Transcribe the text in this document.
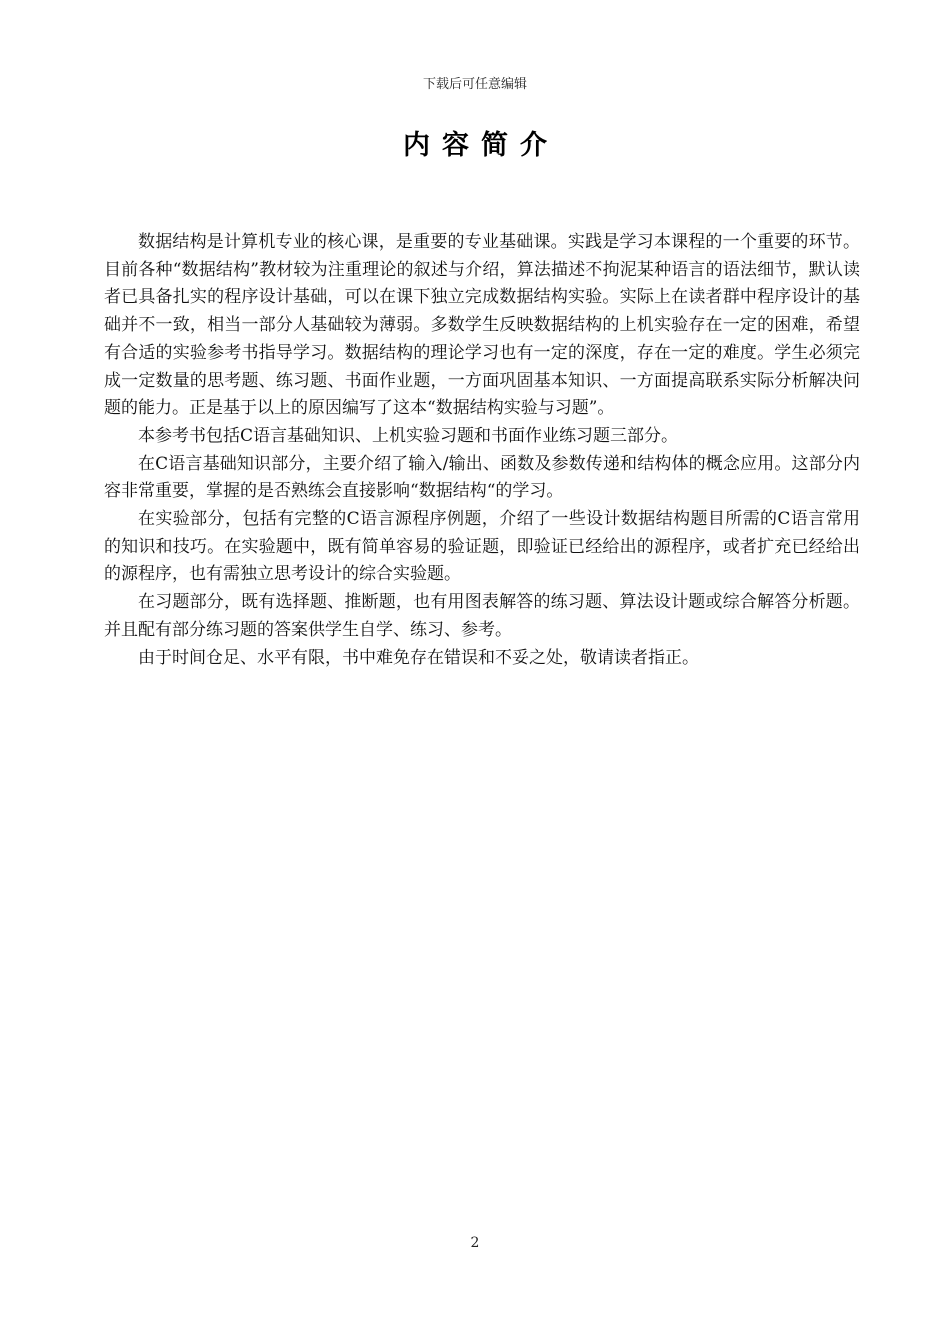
下载后可任意编辑
内容简介

数据结构是计算机专业的核心课，是重要的专业基础课。实践是学习本课程的一个重要的环节。目前各种“数据结构”教材较为注重理论的叙述与介绍，算法描述不拘泥某种语言的语法细节，默认读者已具备扎实的程序设计基础，可以在课下独立完成数据结构实验。实际上在读者群中程序设计的基础并不一致，相当一部分人基础较为薄弱。多数学生反映数据结构的上机实验存在一定的困难，希望有合适的实验参考书指导学习。数据结构的理论学习也有一定的深度，存在一定的难度。学生必须完成一定数量的思考题、练习题、书面作业题，一方面巩固基本知识、一方面提高联系实际分析解决问题的能力。正是基于以上的原因编写了这本“数据结构实验与习题”。

本参考书包括C语言基础知识、上机实验习题和书面作业练习题三部分。

在C语言基础知识部分，主要介绍了输入/输出、函数及参数传递和结构体的概念应用。这部分内容非常重要，掌握的是否熟练会直接影响“数据结构“的学习。

在实验部分，包括有完整的C语言源程序例题，介绍了一些设计数据结构题目所需的C语言常用的知识和技巧。在实验题中，既有简单容易的验证题，即验证已经给出的源程序，或者扩充已经给出的源程序，也有需独立思考设计的综合实验题。

在习题部分，既有选择题、推断题，也有用图表解答的练习题、算法设计题或综合解答分析题。并且配有部分练习题的答案供学生自学、练习、参考。

由于时间仓足、水平有限，书中难免存在错误和不妥之处，敬请读者指正。

2
